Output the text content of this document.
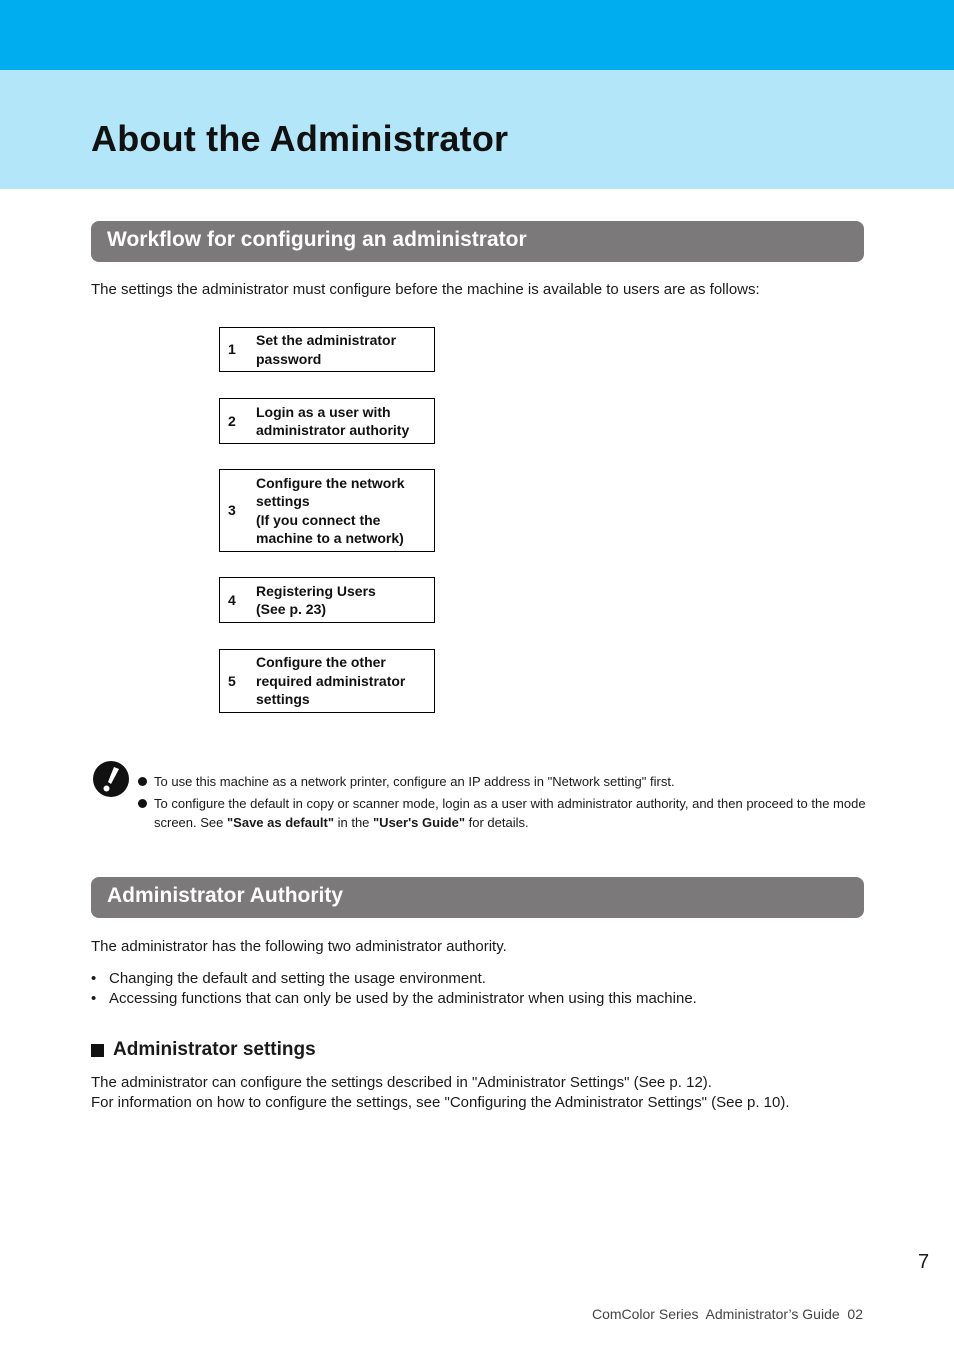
About the Administrator
Workflow for configuring an administrator

The settings the administrator must configure before the machine is available to users are as follows:

1
Set the administrator
password
2
Login as a user with
administrator authority
3
Configure the network
settings
(If you connect the
machine to a network)
4
Registering Users
(See p. 23)
5
Configure the other
required administrator
settings
To use this machine as a network printer, configure an IP address in "Network setting" first.
To configure the default in copy or scanner mode, login as a user with administrator authority, and then proceed to the mode screen. See "Save as default" in the "User's Guide" for details.
Administrator Authority

The administrator has the following two administrator authority.

• Changing the default and setting the usage environment.
• Accessing functions that can only be used by the administrator when using this machine.
Administrator settings

The administrator can configure the settings described in "Administrator Settings" (See p. 12).

For information on how to configure the settings, see "Configuring the Administrator Settings" (See p. 10).

7
ComColor Series  Administrator’s Guide  02
